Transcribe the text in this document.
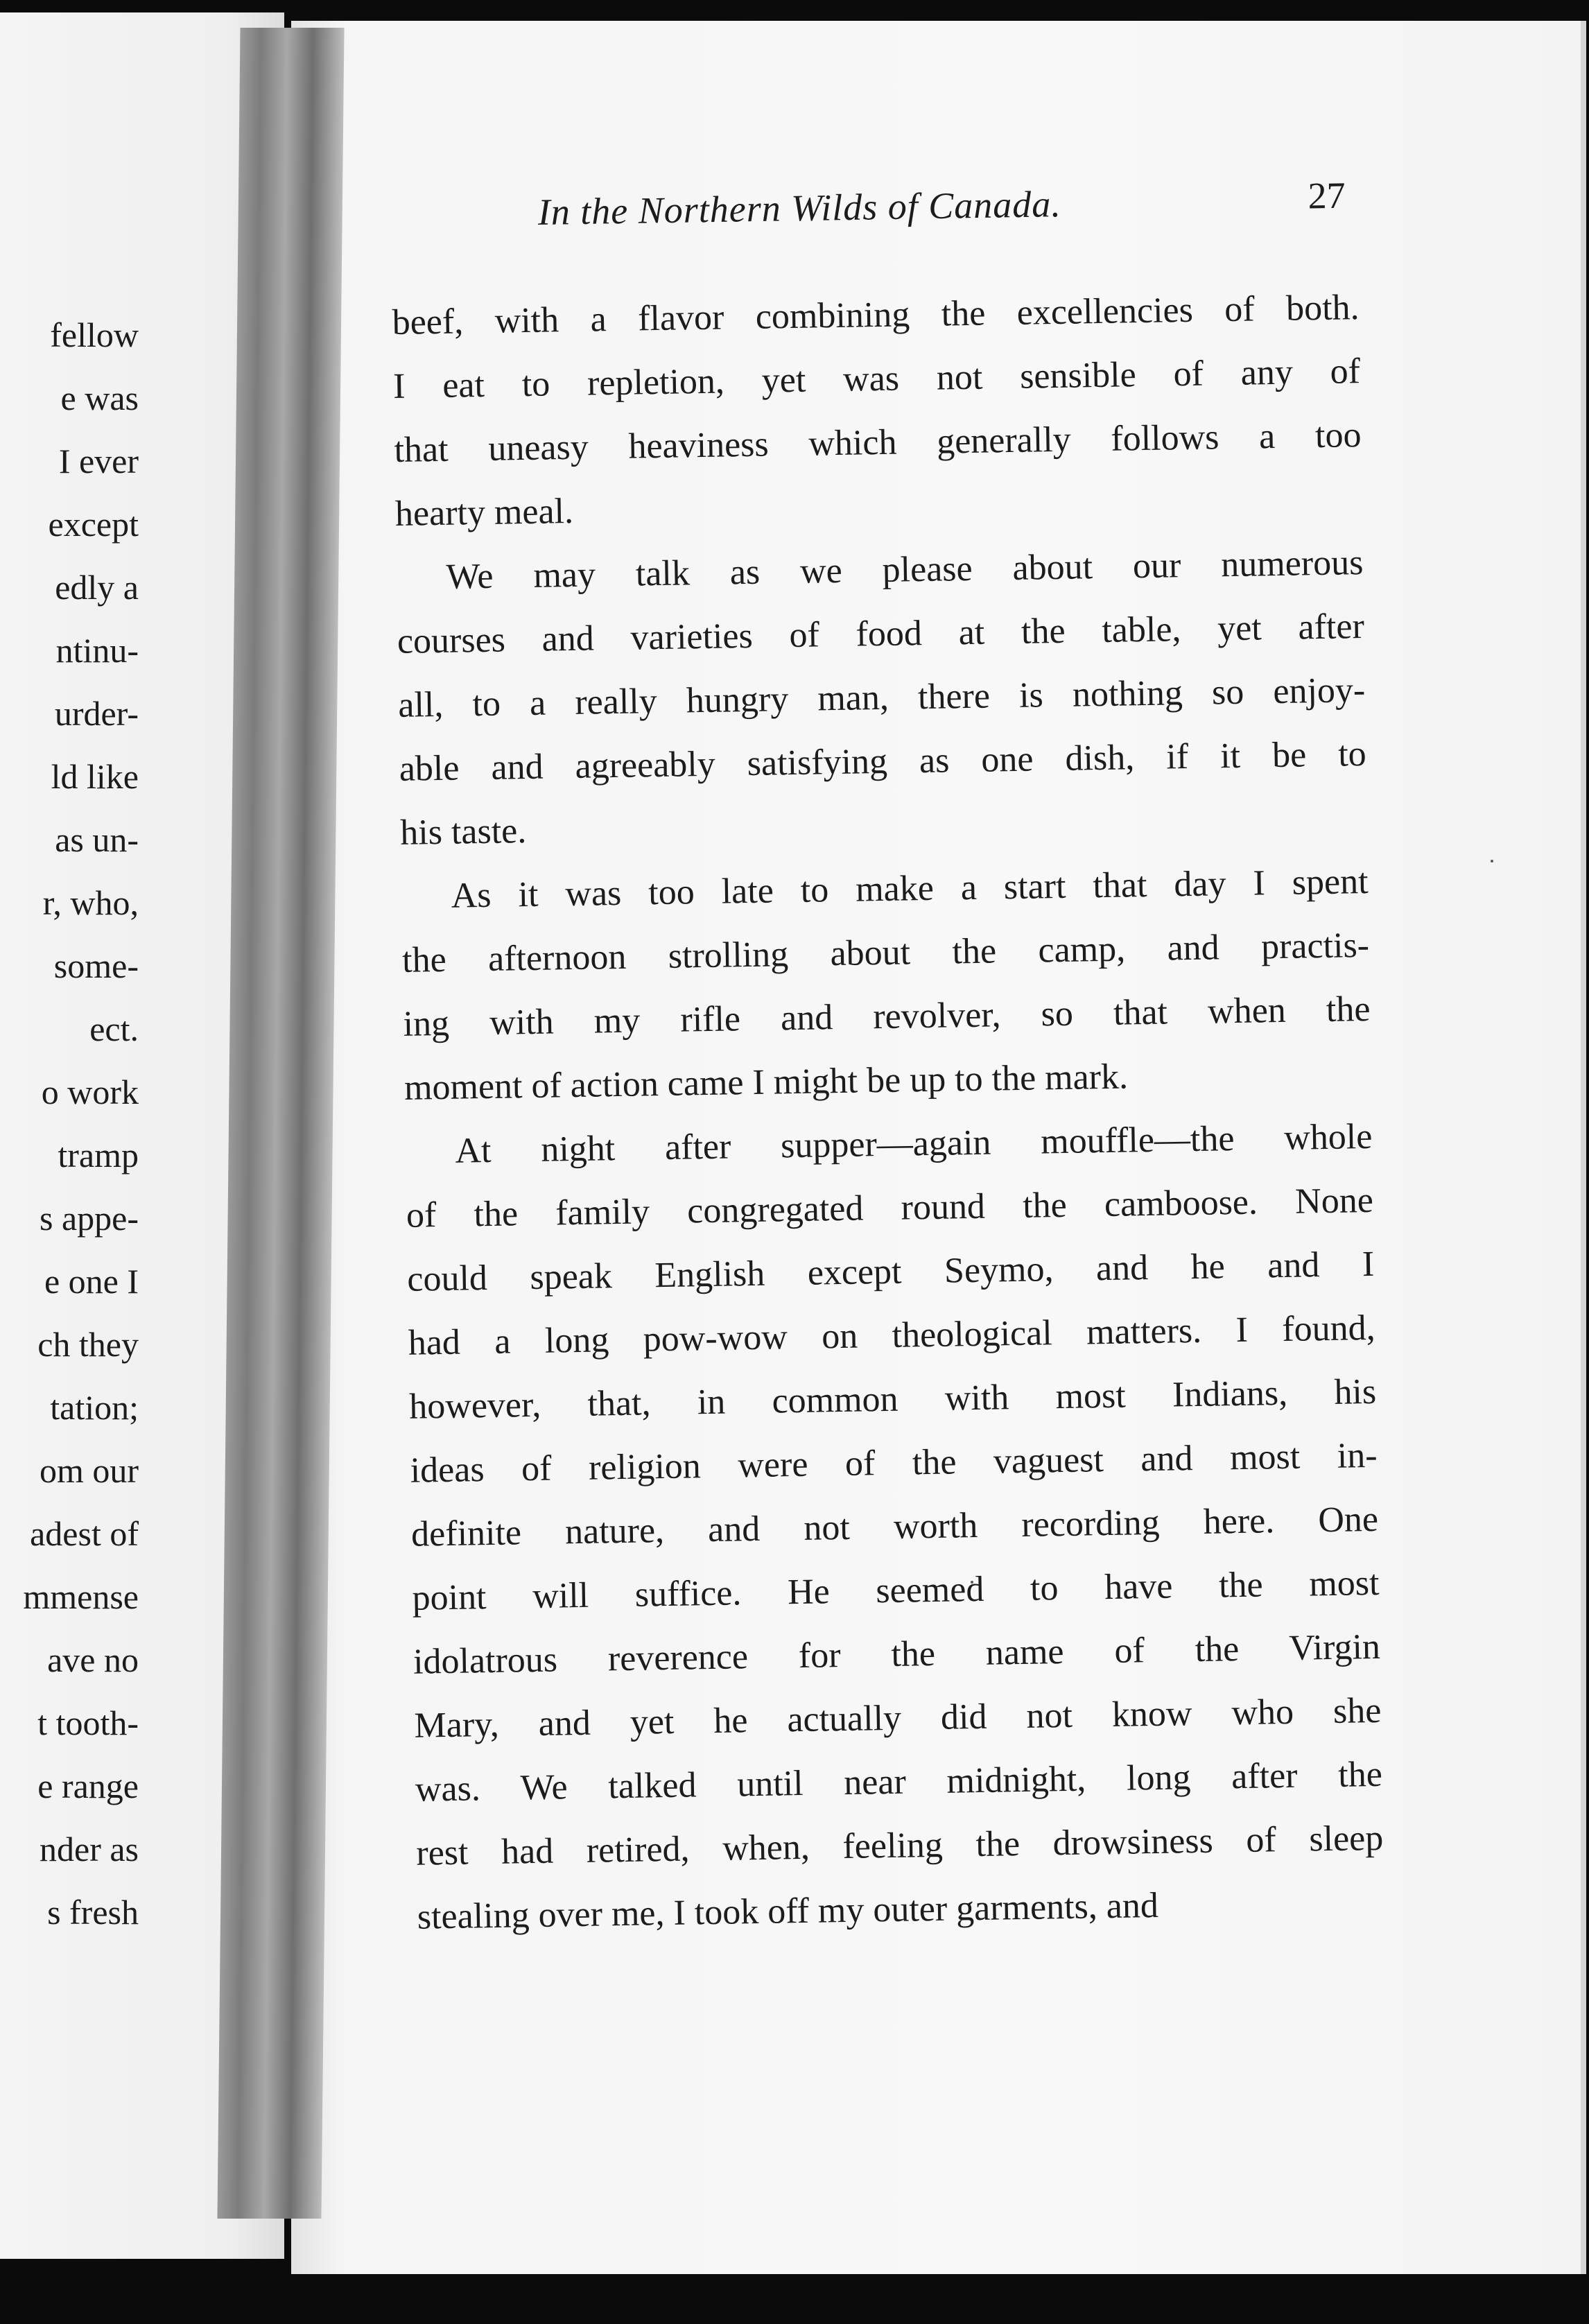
fellow
e was
I ever
except
edly a
ntinu-
urder-
ld like
as un-
r, who,
some-
ect.
o work
tramp
s appe-
e one I
ch they
tation;
om our
adest of
mmense
ave no
t tooth-
e range
nder as
s fresh
In the Northern Wilds of Canada.	27
beef, with a flavor combining the excellencies of both.
I eat to repletion, yet was not sensible of any of
that uneasy heaviness which generally follows a too
hearty meal.
We may talk as we please about our numerous
courses and varieties of food at the table, yet after
all, to a really hungry man, there is nothing so enjoy-
able and agreeably satisfying as one dish, if it be to
his taste.
As it was too late to make a start that day I spent
the afternoon strolling about the camp, and practis-
ing with my rifle and revolver, so that when the
moment of action came I might be up to the mark.
At night after supper—again mouffle—the whole
of the family congregated round the camboose. None
could speak English except Seymo, and he and I
had a long pow-wow on theological matters. I found,
however, that, in common with most Indians, his
ideas of religion were of the vaguest and most in-
definite nature, and not worth recording here. One
point will suffice. He seemed to have the most
idolatrous reverence for the name of the Virgin
Mary, and yet he actually did not know who she
was. We talked until near midnight, long after the
rest had retired, when, feeling the drowsiness of sleep
stealing over me, I took off my outer garments, and
